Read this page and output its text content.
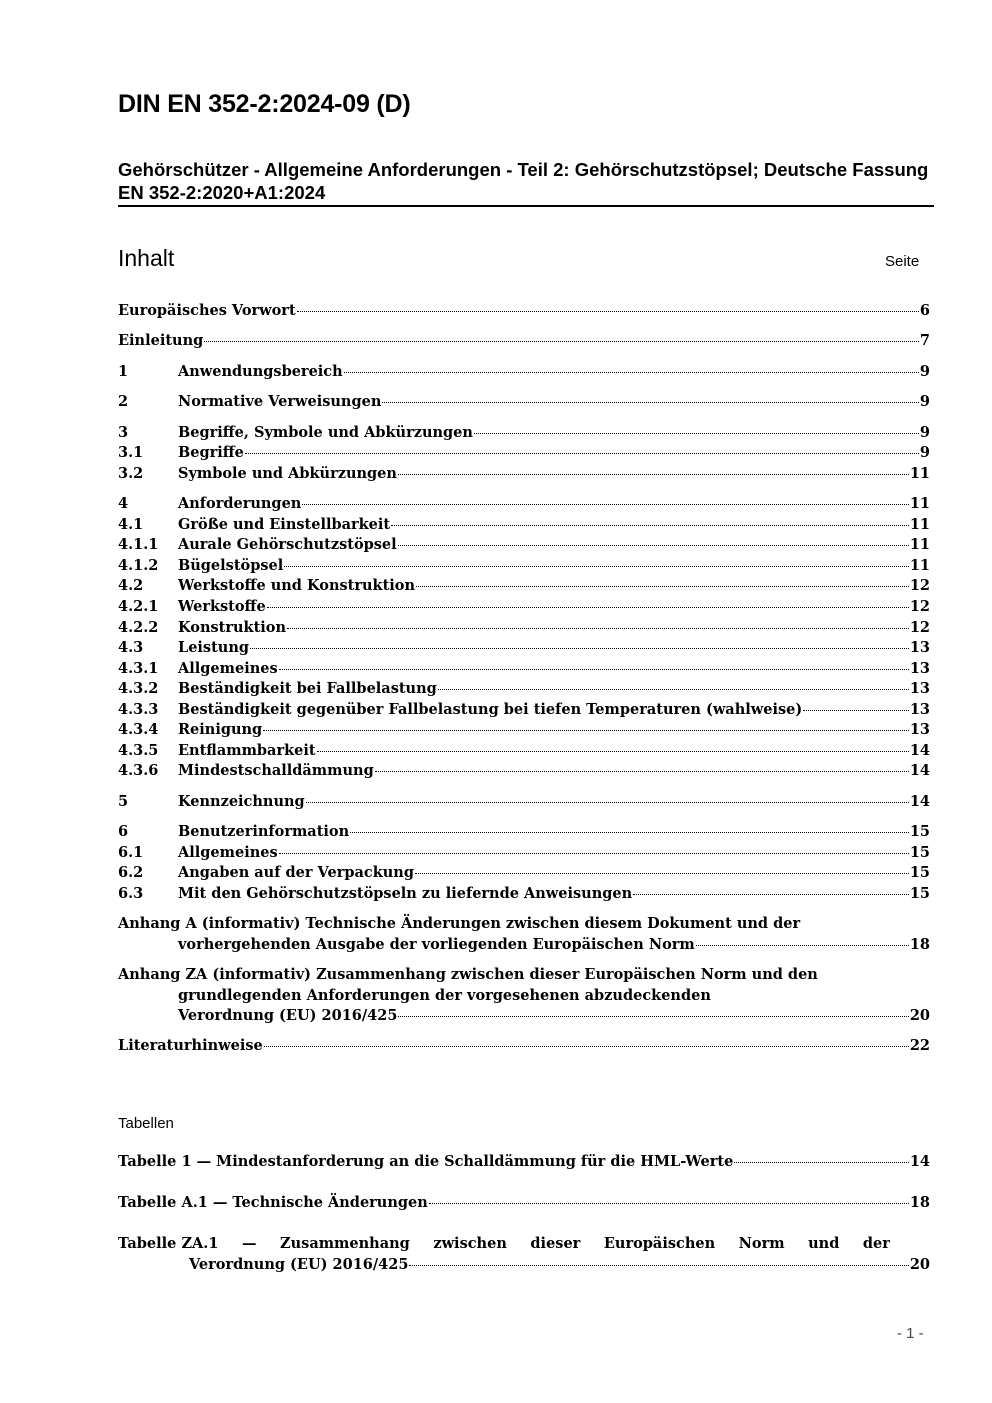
DIN EN 352-2:2024-09 (D)
Gehörschützer - Allgemeine Anforderungen - Teil 2: Gehörschutzstöpsel; Deutsche Fassung EN 352-2:2020+A1:2024
Inhalt	Seite
Europäisches Vorwort	6
Einleitung	7
1	Anwendungsbereich	9
2	Normative Verweisungen	9
3	Begriffe, Symbole und Abkürzungen	9
3.1	Begriffe	9
3.2	Symbole und Abkürzungen	11
4	Anforderungen	11
4.1	Größe und Einstellbarkeit	11
4.1.1	Aurale Gehörschutzstöpsel	11
4.1.2	Bügelstöpsel	11
4.2	Werkstoffe und Konstruktion	12
4.2.1	Werkstoffe	12
4.2.2	Konstruktion	12
4.3	Leistung	13
4.3.1	Allgemeines	13
4.3.2	Beständigkeit bei Fallbelastung	13
4.3.3	Beständigkeit gegenüber Fallbelastung bei tiefen Temperaturen (wahlweise)	13
4.3.4	Reinigung	13
4.3.5	Entflammbarkeit	14
4.3.6	Mindestschalldämmung	14
5	Kennzeichnung	14
6	Benutzerinformation	15
6.1	Allgemeines	15
6.2	Angaben auf der Verpackung	15
6.3	Mit den Gehörschutzstöpseln zu liefernde Anweisungen	15
Anhang A (informativ) Technische Änderungen zwischen diesem Dokument und der
vorhergehenden Ausgabe der vorliegenden Europäischen Norm	18
Anhang ZA (informativ) Zusammenhang zwischen dieser Europäischen Norm und den
grundlegenden Anforderungen der vorgesehenen abzudeckenden
Verordnung (EU) 2016/425	20
Literaturhinweise	22
Tabellen
Tabelle 1 — Mindestanforderung an die Schalldämmung für die HML-Werte	14
Tabelle A.1 — Technische Änderungen	18
Tabelle ZA.1 — Zusammenhang zwischen dieser Europäischen Norm und der
Verordnung (EU) 2016/425	20
- 1 -
